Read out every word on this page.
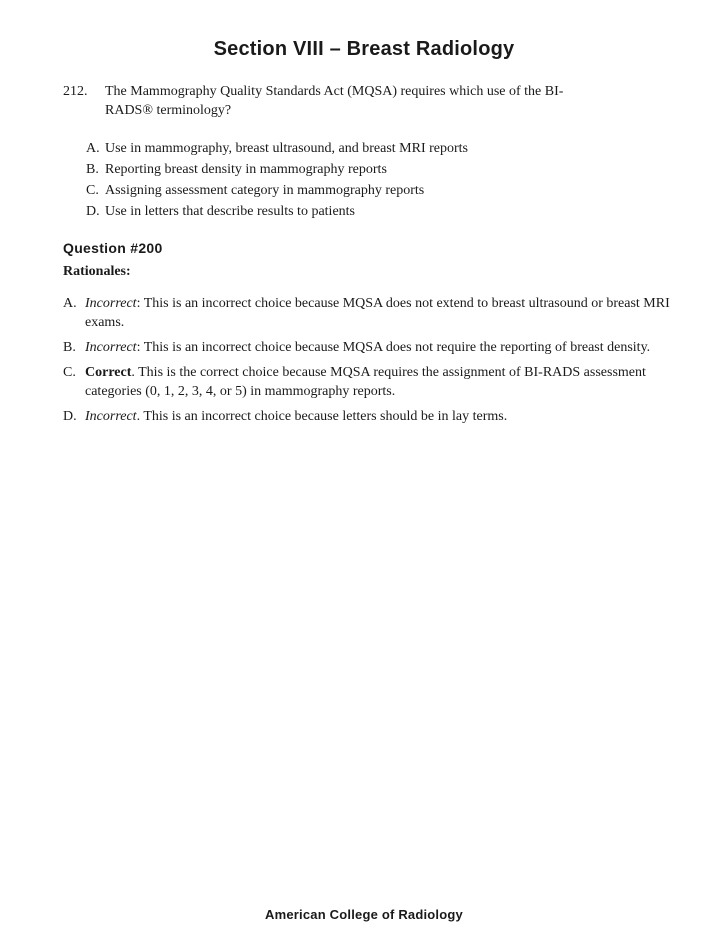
Section VIII – Breast Radiology
212. The Mammography Quality Standards Act (MQSA) requires which use of the BI-RADS® terminology?
A. Use in mammography, breast ultrasound, and breast MRI reports
B. Reporting breast density in mammography reports
C. Assigning assessment category in mammography reports
D. Use in letters that describe results to patients
Question #200
Rationales:
A. Incorrect: This is an incorrect choice because MQSA does not extend to breast ultrasound or breast MRI exams.
B. Incorrect: This is an incorrect choice because MQSA does not require the reporting of breast density.
C. Correct. This is the correct choice because MQSA requires the assignment of BI-RADS assessment categories (0, 1, 2, 3, 4, or 5) in mammography reports.
D. Incorrect. This is an incorrect choice because letters should be in lay terms.
American College of Radiology
